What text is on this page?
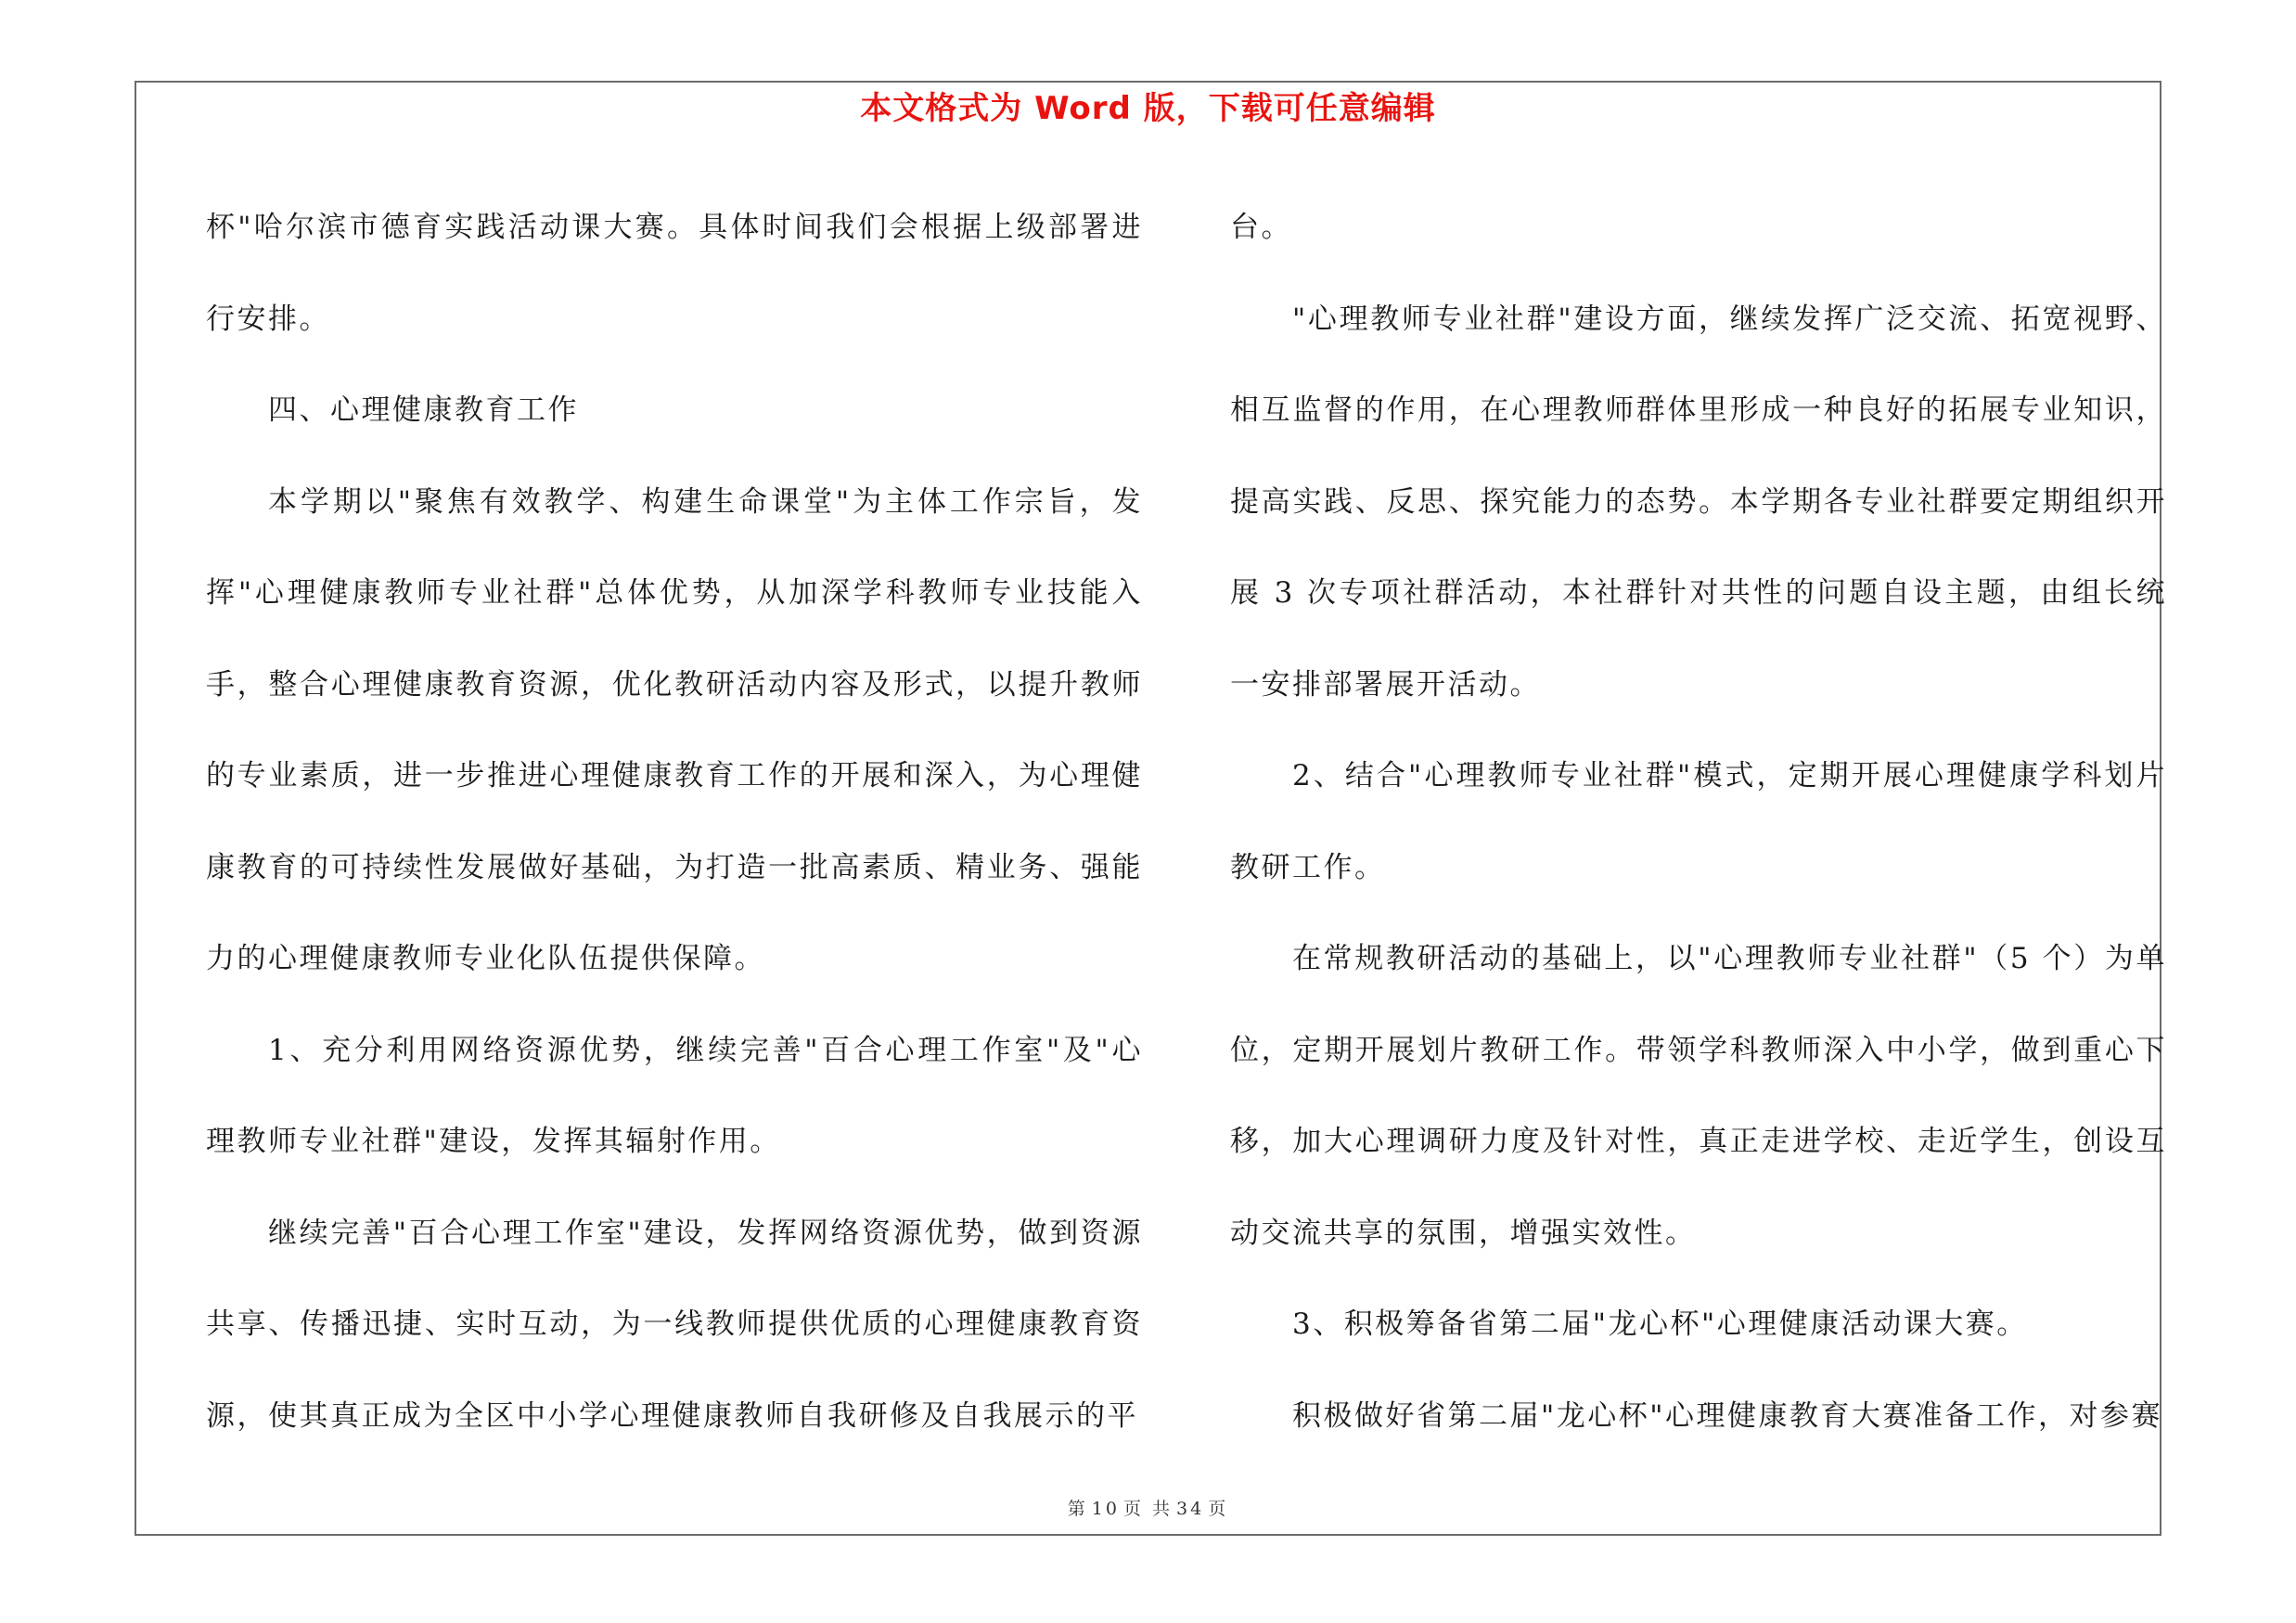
本文格式为 Word 版，下载可任意编辑

杯"哈尔滨市德育实践活动课大赛。具体时间我们会根据上级部署进行安排。

四、心理健康教育工作

本学期以"聚焦有效教学、构建生命课堂"为主体工作宗旨，发挥"心理健康教师专业社群"总体优势，从加深学科教师专业技能入手，整合心理健康教育资源，优化教研活动内容及形式，以提升教师的专业素质，进一步推进心理健康教育工作的开展和深入，为心理健康教育的可持续性发展做好基础，为打造一批高素质、精业务、强能力的心理健康教师专业化队伍提供保障。

1、充分利用网络资源优势，继续完善"百合心理工作室"及"心理教师专业社群"建设，发挥其辐射作用。

继续完善"百合心理工作室"建设，发挥网络资源优势，做到资源共享、传播迅捷、实时互动，为一线教师提供优质的心理健康教育资源，使其真正成为全区中小学心理健康教师自我研修及自我展示的平

台。

"心理教师专业社群"建设方面，继续发挥广泛交流、拓宽视野、相互监督的作用，在心理教师群体里形成一种良好的拓展专业知识，提高实践、反思、探究能力的态势。本学期各专业社群要定期组织开展 3 次专项社群活动，本社群针对共性的问题自设主题，由组长统一安排部署展开活动。

2、结合"心理教师专业社群"模式，定期开展心理健康学科划片教研工作。

在常规教研活动的基础上，以"心理教师专业社群"（5 个）为单位，定期开展划片教研工作。带领学科教师深入中小学，做到重心下移，加大心理调研力度及针对性，真正走进学校、走近学生，创设互动交流共享的氛围，增强实效性。

3、积极筹备省第二届"龙心杯"心理健康活动课大赛。

积极做好省第二届"龙心杯"心理健康教育大赛准备工作，对参赛

第 10 页 共 34 页
